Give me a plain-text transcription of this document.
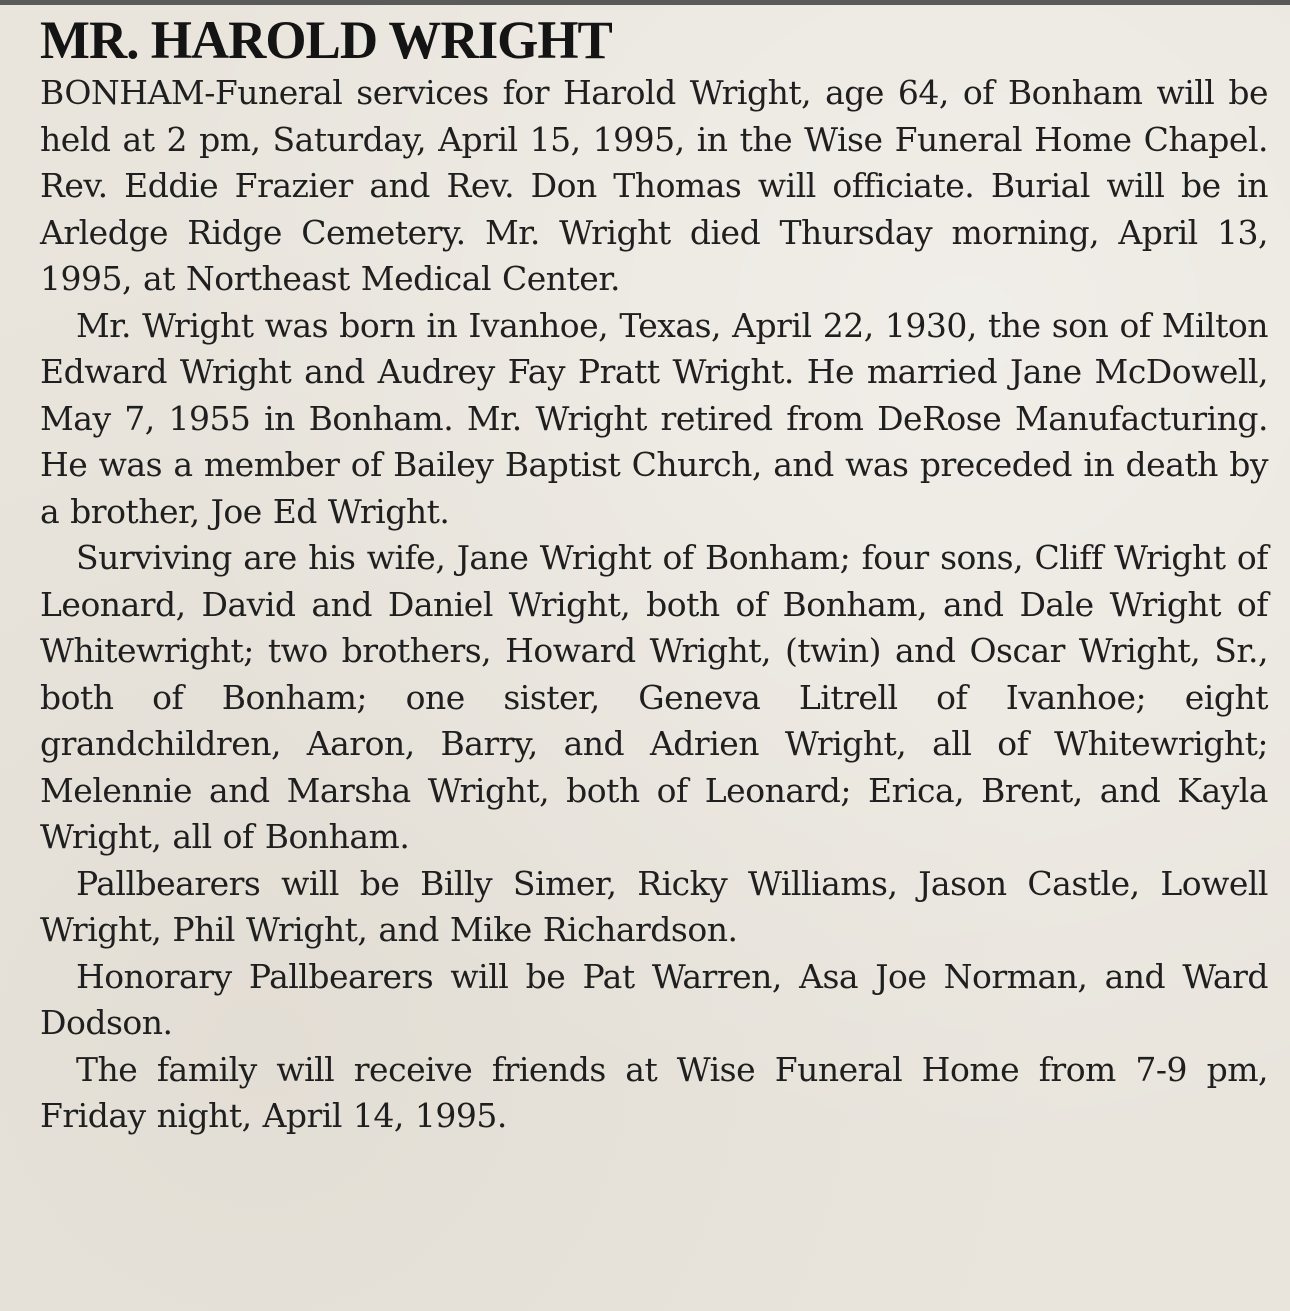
MR. HAROLD WRIGHT

BONHAM-Funeral services for Harold Wright, age 64, of Bonham will be held at 2 pm, Saturday, April 15, 1995, in the Wise Funeral Home Chapel. Rev. Eddie Frazier and Rev. Don Thomas will officiate. Burial will be in Arledge Ridge Cemetery. Mr. Wright died Thursday morning, April 13, 1995, at Northeast Medical Center.

Mr. Wright was born in Ivanhoe, Texas, April 22, 1930, the son of Milton Edward Wright and Audrey Fay Pratt Wright. He married Jane McDowell, May 7, 1955 in Bonham. Mr. Wright retired from DeRose Manufacturing. He was a member of Bailey Baptist Church, and was preceded in death by a brother, Joe Ed Wright.

Surviving are his wife, Jane Wright of Bonham; four sons, Cliff Wright of Leonard, David and Daniel Wright, both of Bonham, and Dale Wright of Whitewright; two brothers, Howard Wright, (twin) and Oscar Wright, Sr., both of Bonham; one sister, Geneva Litrell of Ivanhoe; eight grandchildren, Aaron, Barry, and Adrien Wright, all of Whitewright; Melennie and Marsha Wright, both of Leonard; Erica, Brent, and Kayla Wright, all of Bonham.

Pallbearers will be Billy Simer, Ricky Williams, Jason Castle, Lowell Wright, Phil Wright, and Mike Richardson.

Honorary Pallbearers will be Pat Warren, Asa Joe Norman, and Ward Dodson.

The family will receive friends at Wise Funeral Home from 7-9 pm, Friday night, April 14, 1995.
